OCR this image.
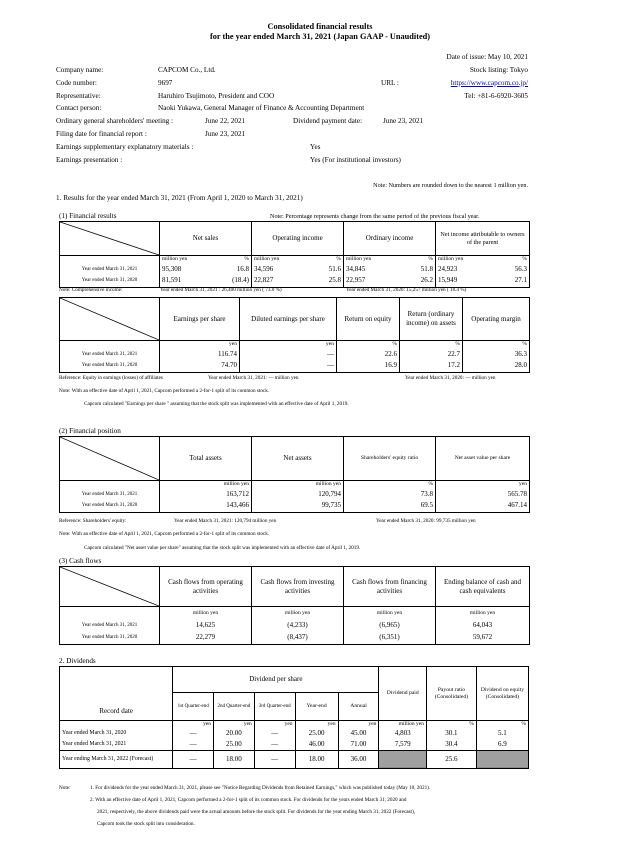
Consolidated financial results
for the year ended March 31, 2021 (Japan GAAP - Unaudited)
Date of issue: May 10, 2021
Company name:	CAPCOM Co., Ltd.	Stock listing: Tokyo
Code number:	9697	URL :	https://www.capcom.co.jp/
Representative:	Haruhiro Tsujimoto, President and COO	Tel: +81-6-6920-3605
Contact person:	Naoki Yukawa, General Manager of Finance & Accounting Department
Ordinary general shareholders' meeting :	June 22, 2021	Dividend payment date:	June 23, 2021
Filing date for financial report :	June 23, 2021
Earnings supplementary explanatory materials :	Yes
Earnings presentation :	Yes (For institutional investors)
Note: Numbers are rounded down to the nearest 1 million yen.
1. Results for the year ended March 31, 2021 (From April 1, 2020 to March 31, 2021)
(1) Financial results	Note: Percentage represents change from the same period of the previous fiscal year.
	Net sales	Operating income	Ordinary income	Net income attributable to owners of the parent

	million yen %	million yen %	million yen %	million yen %

Year ended March 31, 2021	95,308 16.8	34,596 51.6	34,845 51.8	24,923 56.3

Year ended March 31, 2020	81,591 (18.4)	22,827 25.8	22,957 26.2	15,949 27.1
Note: Comprehensive income:	Year ended March 31, 2021 : 26,400 million yen ( 73.0 %)	Year ended March 31, 2020: 15,257 million yen ( 18.4 %)
	Earnings per share	Diluted earnings per share	Return on equity	Return (ordinary income) on assets	Operating margin
	yen	yen	%	%	%
Year ended March 31, 2021	116.74	—	22.6	22.7	36.3
Year ended March 31, 2020	74.70	—	16.9	17.2	28.0
Reference: Equity in earnings (losses) of affiliates	Year ended March 31, 2021: — million yen	Year ended March 31, 2020: — million yen
Note: With an effective date of April 1, 2021, Capcom performed a 2-for-1 split of its common stock.
Capcom calculated "Earnings per share " assuming that the stock split was implemented with an effective date of April 1, 2019.
(2) Financial position
	Total assets	Net assets	Shareholders' equity ratio	Net asset value per share
	million yen	million yen	%	yen
Year ended March 31, 2021	163,712	120,794	73.8	565.78
Year ended March 31, 2020	143,466	99,735	69.5	467.14
Reference: Shareholders' equity:	Year ended March 31, 2021: 120,794 million yen	Year ended March 31, 2020: 99,735 million yen
Note: With an effective date of April 1, 2021, Capcom performed a 2-for-1 split of its common stock.
Capcom calculated "Net asset value per share" assuming that the stock split was implemented with an effective date of April 1, 2019.
(3) Cash flows
	Cash flows from operating activities	Cash flows from investing activities	Cash flows from financing activities	Ending balance of cash and cash equivalents
	million yen	million yen	million yen	million yen
Year ended March 31, 2021	14,625	(4,233)	(6,965)	64,043
Year ended March 31, 2020	22,279	(8,437)	(6,351)	59,672
2. Dividends
Record date	Dividend per share					Dividend paid	Payout ratio (Consolidated)	Dividend on equity (Consolidated)
	1st Quarter-end	2nd Quarter-end	3rd Quarter-end	Year-end	Annual			
	yen	yen	yen	yen	yen	million yen	%	%
Year ended March 31, 2020	—	20.00	—	25.00	45.00	4,803	30.1	5.1
Year ended March 31, 2021	—	25.00	—	46.00	71.00	7,579	30.4	6.9
Year ending March 31, 2022 (Forecast)	—	18.00	—	18.00	36.00		25.6	
Note:	1. For dividends for the year ended March 31, 2021, please see "Notice Regarding Dividends from Retained Earnings," which was published today (May 10, 2021).
2. With an effective date of April 1, 2021, Capcom performed a 2-for-1 split of its common stock. For dividends for the years ended March 31, 2020 and
2021, respectively, the above dividends paid were the actual amounts before the stock split. For dividends for the year ending March 31, 2022 (Forecast),
Capcom took the stock split into consideration.
